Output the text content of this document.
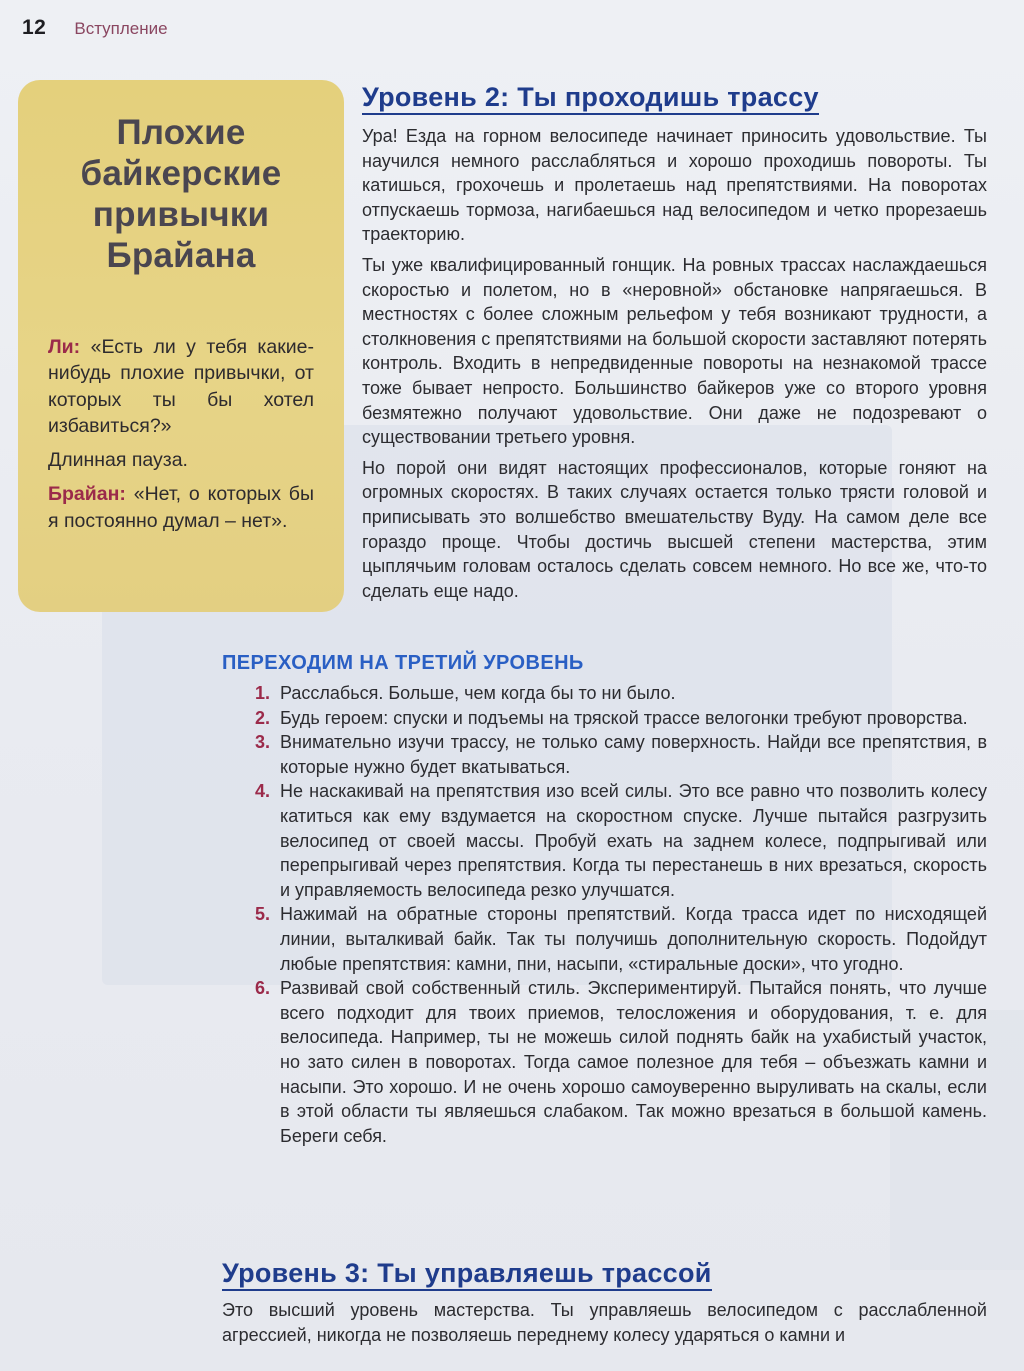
12 Вступление
Плохие
байкерские
привычки
Брайана

Ли: «Есть ли у тебя какие-нибудь плохие привычки, от которых ты бы хотел избавиться?»

Длинная пауза.

Брайан: «Нет, о которых бы я постоянно думал – нет».

Уровень 2: Ты проходишь трассу

Ура! Езда на горном велосипеде начинает приносить удовольствие. Ты научился немного расслабляться и хорошо проходишь повороты. Ты катишься, грохочешь и пролетаешь над препятствиями. На поворотах отпускаешь тормоза, нагибаешься над велосипедом и четко прорезаешь траекторию.

Ты уже квалифицированный гонщик. На ровных трассах наслаждаешься скоростью и полетом, но в «неровной» обстановке напрягаешься. В местностях с более сложным рельефом у тебя возникают трудности, а столкновения с препятствиями на большой скорости заставляют потерять контроль. Входить в непредвиденные повороты на незнакомой трассе тоже бывает непросто. Большинство байкеров уже со второго уровня безмятежно получают удовольствие. Они даже не подозревают о существовании третьего уровня.

Но порой они видят настоящих профессионалов, которые гоняют на огромных скоростях. В таких случаях остается только трясти головой и приписывать это волшебство вмешательству Вуду. На самом деле все гораздо проще. Чтобы достичь высшей степени мастерства, этим цыплячьим головам осталось сделать совсем немного. Но все же, что-то сделать еще надо.

ПЕРЕХОДИМ НА ТРЕТИЙ УРОВЕНЬ
1. Расслабься. Больше, чем когда бы то ни было.
2. Будь героем: спуски и подъемы на тряской трассе велогонки требуют проворства.
3. Внимательно изучи трассу, не только саму поверхность. Найди все препятствия, в которые нужно будет вкатываться.
4. Не наскакивай на препятствия изо всей силы. Это все равно что позволить колесу катиться как ему вздумается на скоростном спуске. Лучше пытайся разгрузить велосипед от своей массы. Пробуй ехать на заднем колесе, подпрыгивай или перепрыгивай через препятствия. Когда ты перестанешь в них врезаться, скорость и управляемость велосипеда резко улучшатся.
5. Нажимай на обратные стороны препятствий. Когда трасса идет по нисходящей линии, выталкивай байк. Так ты получишь дополнительную скорость. Подойдут любые препятствия: камни, пни, насыпи, «стиральные доски», что угодно.
6. Развивай свой собственный стиль. Экспериментируй. Пытайся понять, что лучше всего подходит для твоих приемов, телосложения и оборудования, т. е. для велосипеда. Например, ты не можешь силой поднять байк на ухабистый участок, но зато силен в поворотах. Тогда самое полезное для тебя – объезжать камни и насыпи. Это хорошо. И не очень хорошо самоуверенно выруливать на скалы, если в этой области ты являешься слабаком. Так можно врезаться в большой камень. Береги себя.
Уровень 3: Ты управляешь трассой

Это высший уровень мастерства. Ты управляешь велосипедом с расслабленной агрессией, никогда не позволяешь переднему колесу ударяться о камни и
